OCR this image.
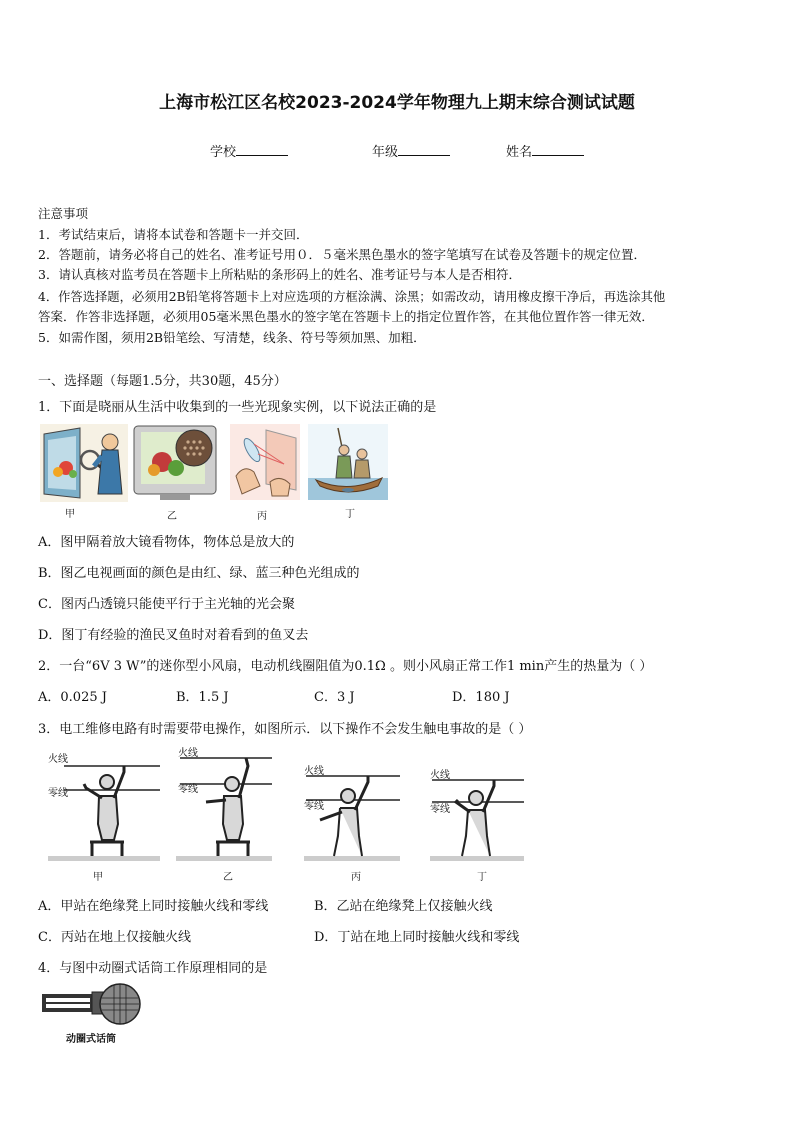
上海市松江区名校2023-2024学年物理九上期末综合测试试题
学校	年级	姓名
注意事项
1．考试结束后，请将本试卷和答题卡一并交回．
2．答题前，请务必将自己的姓名、准考证号用０．５毫米黑色墨水的签字笔填写在试卷及答题卡的规定位置．
3．请认真核对监考员在答题卡上所粘贴的条形码上的姓名、准考证号与本人是否相符．
4．作答选择题，必须用2B铅笔将答题卡上对应选项的方框涂满、涂黑；如需改动，请用橡皮擦干净后，再选涂其他
答案．作答非选择题，必须用05毫米黑色墨水的签字笔在答题卡上的指定位置作答，在其他位置作答一律无效．
5．如需作图，须用2B铅笔绘、写清楚，线条、符号等须加黑、加粗．
一、选择题（每题1.5分，共30题，45分）
1．下面是晓丽从生活中收集到的一些光现象实例，以下说法正确的是
甲	乙	丙	丁
A．图甲隔着放大镜看物体，物体总是放大的
B．图乙电视画面的颜色是由红、绿、蓝三种色光组成的
C．图丙凸透镜只能使平行于主光轴的光会聚
D．图丁有经验的渔民叉鱼时对着看到的鱼叉去
2．一台“6V 3 W”的迷你型小风扇，电动机线圈阻值为0.1Ω 。则小风扇正常工作1 min产生的热量为（ ）
A．0.025 J	B．1.5 J	C．3 J	D．180 J
3．电工维修电路有时需要带电操作，如图所示．以下操作不会发生触电事故的是（ ）
火线
零线
火线
零线
火线
零线
火线
零线
甲	乙	丙	丁
A．甲站在绝缘凳上同时接触火线和零线	B．乙站在绝缘凳上仅接触火线
C．丙站在地上仅接触火线	D．丁站在地上同时接触火线和零线
4．与图中动圈式话筒工作原理相同的是
动圈式话筒
